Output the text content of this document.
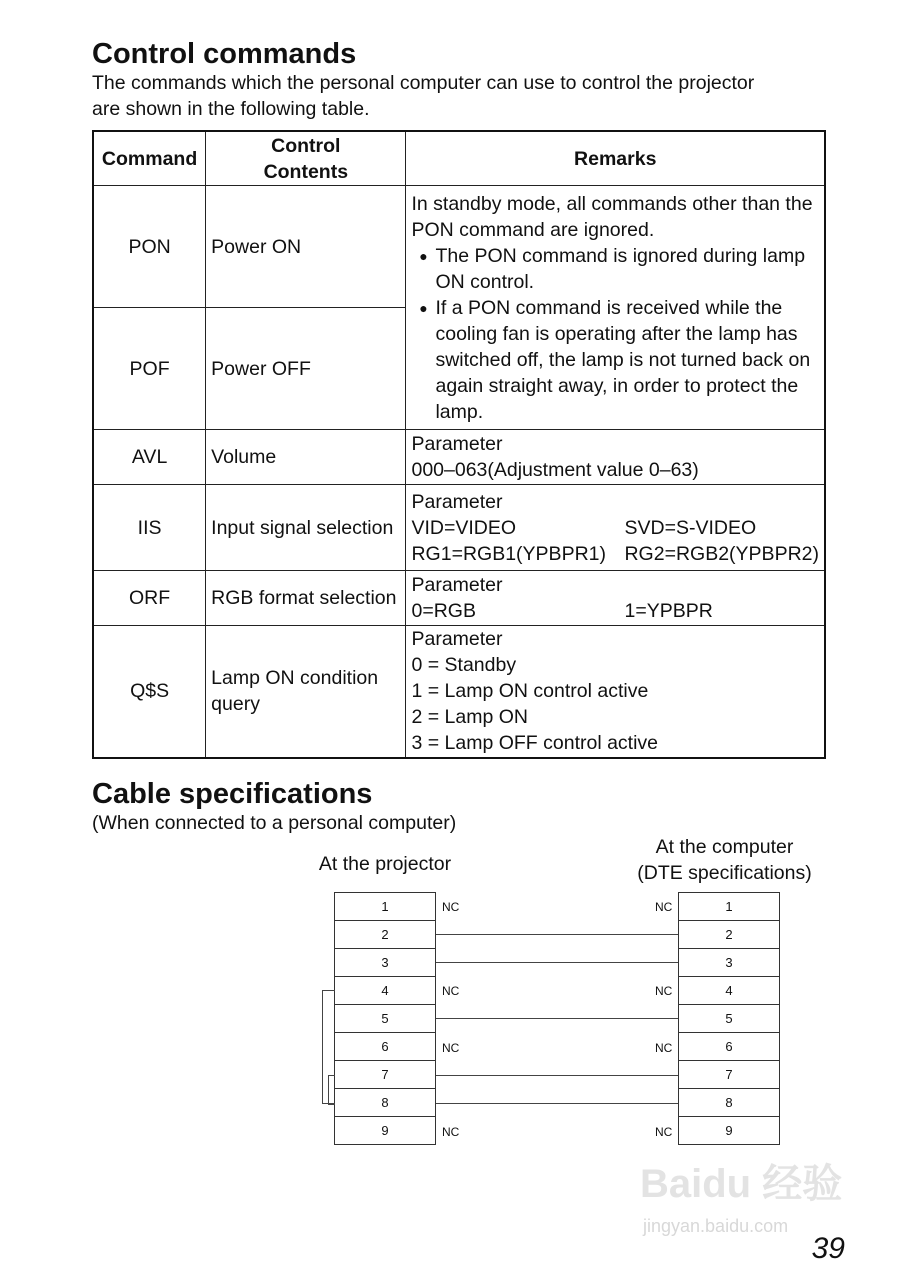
Control commands

The commands which the personal computer can use to control the projector

are shown in the following table.

Command	Control Contents	Remarks
PON	Power ON	In standby mode, all commands other than the PON command are ignored.
● The PON command is ignored during lamp ON control.
● If a PON command is received while the cooling fan is operating after the lamp has switched off, the lamp is not turned back on again straight away, in order to protect the lamp.

POF	Power OFF	
AVL	Volume	Parameter
000–063(Adjustment value 0–63)

IIS	Input signal selection	Parameter
VID=VIDEO SVD=S-VIDEO
RG1=RGB1(YPBPR1) RG2=RGB2(YPBPR2)

ORF	RGB format selection	Parameter
0=RGB 1=YPBPR

Q$S	Lamp ON condition query	Parameter
0 = Standby
1 = Lamp ON control active
2 = Lamp ON
3 = Lamp OFF control active
Cable specifications

(When connected to a personal computer)

At the projector
At the computer
(DTE specifications)
1
2
3
4
5
6
7
8
9
1
2
3
4
5
6
7
8
9
NC	NC
NC	NC
NC	NC
NC	NC
Baidu 经验
jingyan.baidu.com
39
